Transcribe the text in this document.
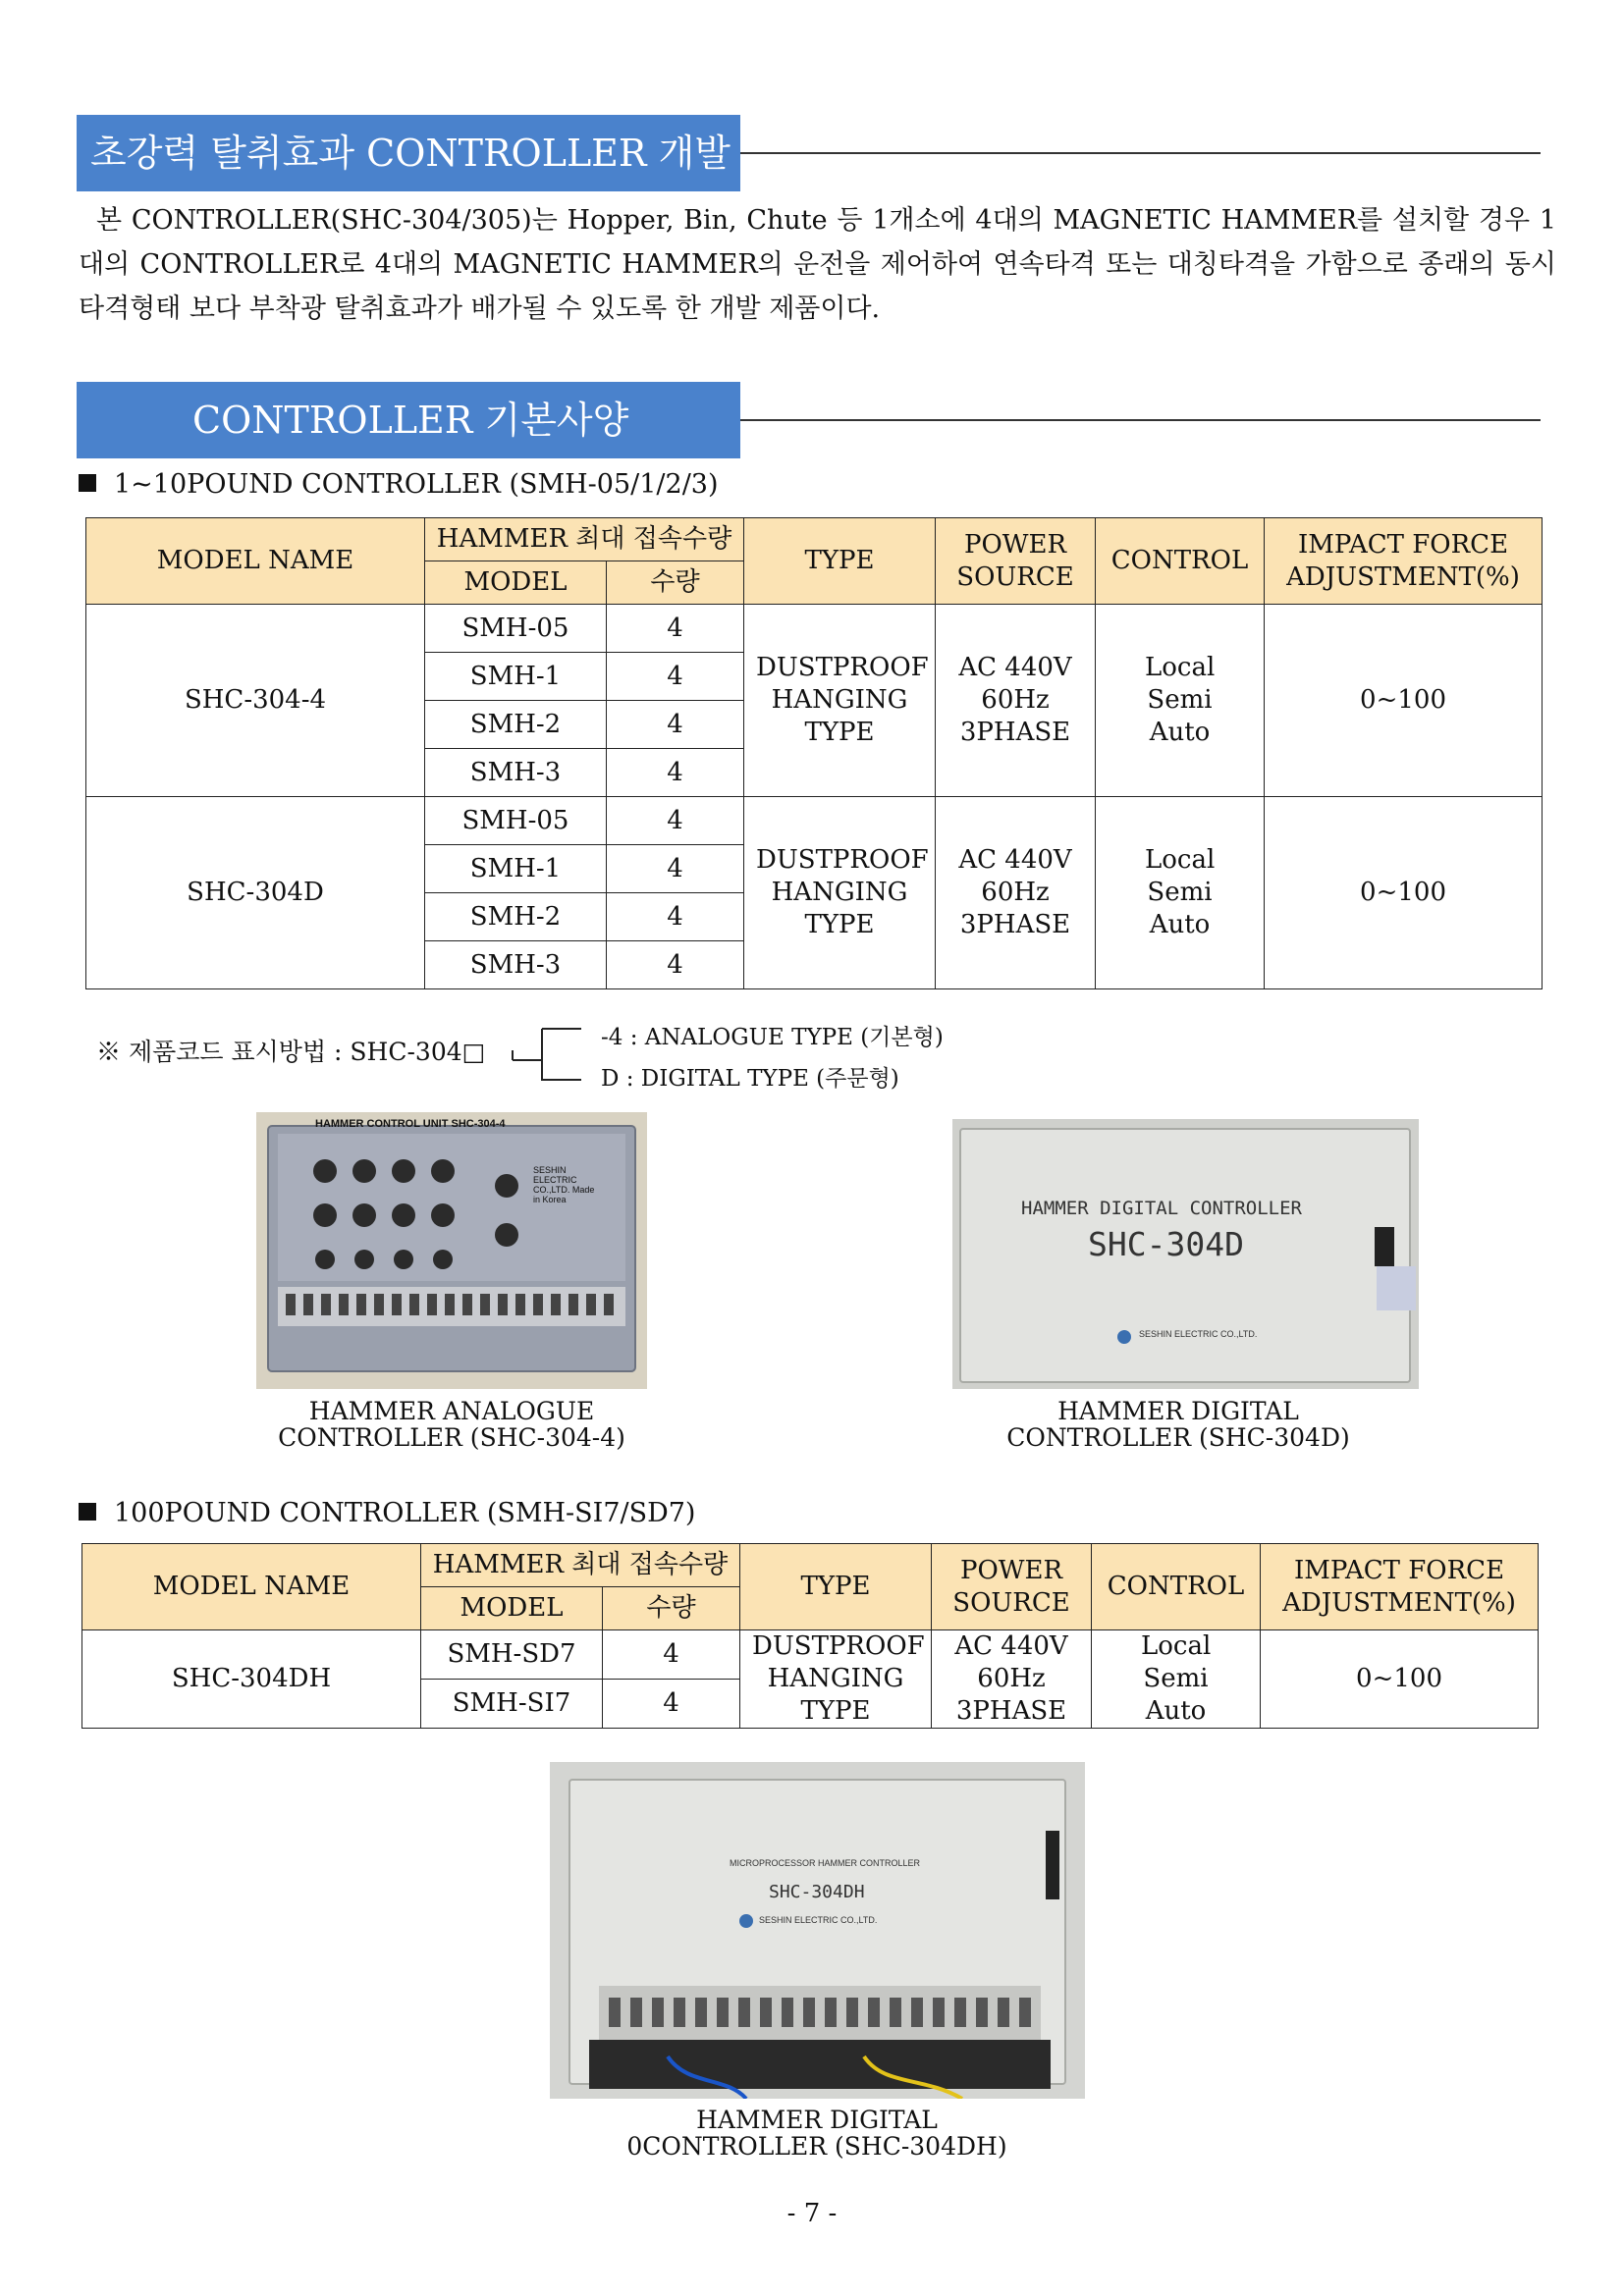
초강력 탈취효과 CONTROLLER 개발

본 CONTROLLER(SHC-304/305)는 Hopper, Bin, Chute 등 1개소에 4대의 MAGNETIC HAMMER를 설치할 경우 1대의 CONTROLLER로 4대의 MAGNETIC HAMMER의 운전을 제어하여 연속타격 또는 대칭타격을 가함으로 종래의 동시 타격형태 보다 부착광 탈취효과가 배가될 수 있도록 한 개발 제품이다.

CONTROLLER 기본사양
1~10POUND CONTROLLER (SMH-05/1/2/3)
MODEL NAME	HAMMER 최대 접속수량		TYPE	POWER SOURCE	CONTROL	IMPACT FORCE ADJUSTMENT(%)
	MODEL	수량				
SHC-304-4	SMH-05	4	DUSTPROOF HANGING TYPE	AC 440V 60Hz 3PHASE	Local Semi Auto	0~100
	SMH-1	4				
	SMH-2	4				
	SMH-3	4				
SHC-304D	SMH-05	4	DUSTPROOF HANGING TYPE	AC 440V 60Hz 3PHASE	Local Semi Auto	0~100
	SMH-1	4				
	SMH-2	4				
	SMH-3	4				
※ 제품코드 표시방법 : SHC-304□	-4 : ANALOGUE TYPE (기본형)
D : DIGITAL TYPE (주문형)
HAMMER CONTROL UNIT SHC-304-4
SESHIN ELECTRIC CO.,LTD. Made in Korea
HAMMER ANALOGUE
CONTROLLER (SHC-304-4)
HAMMER DIGITAL CONTROLLER
SHC-304D
SESHIN ELECTRIC CO.,LTD.
HAMMER DIGITAL
CONTROLLER (SHC-304D)
100POUND CONTROLLER (SMH-SI7/SD7)
MODEL NAME	HAMMER 최대 접속수량		TYPE	POWER SOURCE	CONTROL	IMPACT FORCE ADJUSTMENT(%)
	MODEL	수량				
SHC-304DH	SMH-SD7	4	DUSTPROOF HANGING TYPE	AC 440V 60Hz 3PHASE	Local Semi Auto	0~100
	SMH-SI7	4				
MICROPROCESSOR HAMMER CONTROLLER
SHC-304DH
SESHIN ELECTRIC CO.,LTD.
HAMMER DIGITAL
0CONTROLLER (SHC-304DH)
- 7 -
